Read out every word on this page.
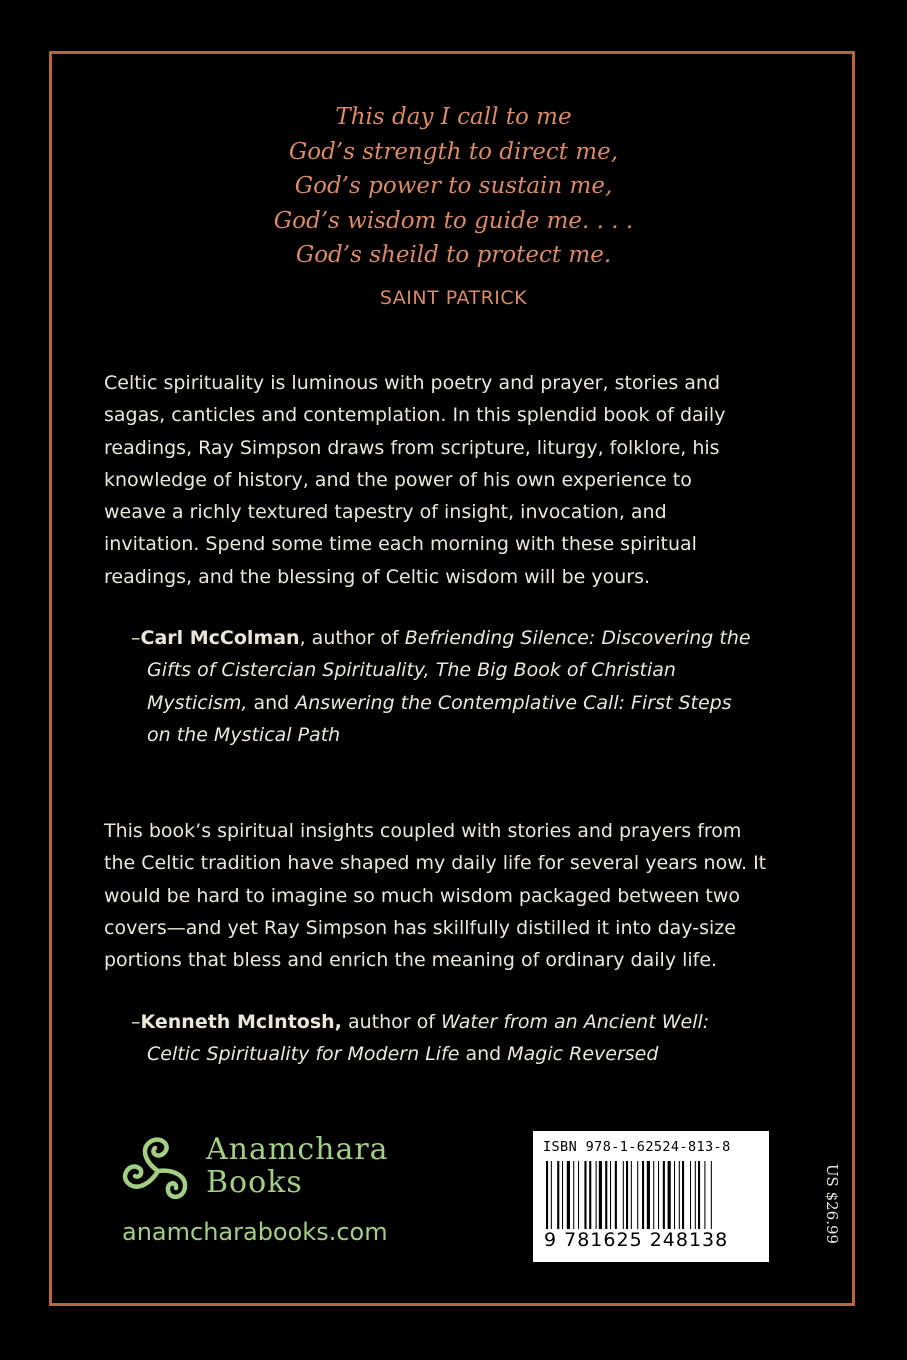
This day I call to me
God’s strength to direct me,
God’s power to sustain me,
God’s wisdom to guide me. . . .
God’s sheild to protect me.
SAINT PATRICK
Celtic spirituality is luminous with poetry and prayer, stories and
sagas, canticles and contemplation. In this splendid book of daily
readings, Ray Simpson draws from scripture, liturgy, folklore, his
knowledge of history, and the power of his own experience to
weave a richly textured tapestry of insight, invocation, and
invitation. Spend some time each morning with these spiritual
readings, and the blessing of Celtic wisdom will be yours.
–Carl McColman, author of Befriending Silence: Discovering the
Gifts of Cistercian Spirituality, The Big Book of Christian
Mysticism, and Answering the Contemplative Call: First Steps
on the Mystical Path
This book’s spiritual insights coupled with stories and prayers from
the Celtic tradition have shaped my daily life for several years now. It
would be hard to imagine so much wisdom packaged between two
covers—and yet Ray Simpson has skillfully distilled it into day-size
portions that bless and enrich the meaning of ordinary daily life.
–Kenneth McIntosh, author of Water from an Ancient Well:
Celtic Spirituality for Modern Life and Magic Reversed
Anamchara
Books
anamcharabooks.com
ISBN 978-1-62524-813-8
9 781625 248138	US $26.99
